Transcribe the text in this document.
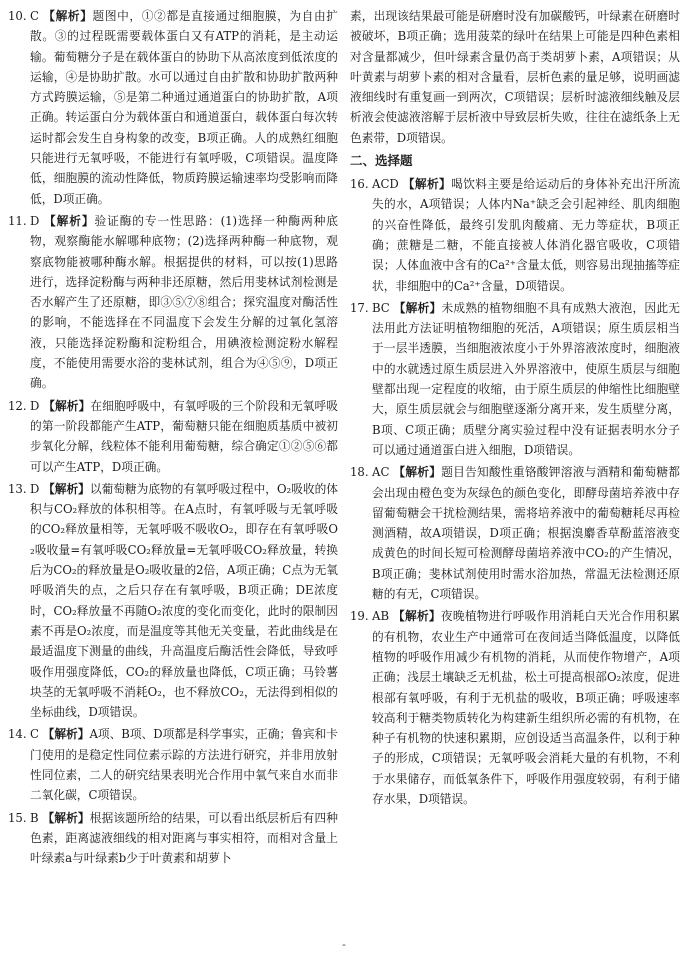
10. C 【解析】题图中，①②都是直接通过细胞膜，为自由扩散。③的过程既需要载体蛋白又有ATP的消耗，是主动运输。葡萄糖分子是在载体蛋白的协助下从高浓度到低浓度的运输，④是协助扩散。水可以通过自由扩散和协助扩散两种方式跨膜运输，⑤是第二种通过通道蛋白的协助扩散，A项正确。转运蛋白分为载体蛋白和通道蛋白，载体蛋白每次转运时都会发生自身构象的改变，B项正确。人的成熟红细胞只能进行无氧呼吸，不能进行有氧呼吸，C项错误。温度降低，细胞膜的流动性降低，物质跨膜运输速率均受影响而降低，D项正确。

11. D 【解析】验证酶的专一性思路：(1)选择一种酶两种底物，观察酶能水解哪种底物；(2)选择两种酶一种底物，观察底物能被哪种酶水解。根据提供的材料，可以按(1)思路进行，选择淀粉酶与两种非还原糖，然后用斐林试剂检测是否水解产生了还原糖，即③⑤⑦⑧组合；探究温度对酶活性的影响，不能选择在不同温度下会发生分解的过氧化氢溶液，只能选择淀粉酶和淀粉组合，用碘液检测淀粉水解程度，不能使用需要水浴的斐林试剂，组合为④⑤⑨，D项正确。

12. D 【解析】在细胞呼吸中，有氧呼吸的三个阶段和无氧呼吸的第一阶段都能产生ATP，葡萄糖只能在细胞质基质中被初步氧化分解，线粒体不能利用葡萄糖，综合确定①②⑤⑥都可以产生ATP，D项正确。

13. D 【解析】以葡萄糖为底物的有氧呼吸过程中，O₂吸收的体积与CO₂释放的体积相等。在A点时，有氧呼吸与无氧呼吸的CO₂释放量相等，无氧呼吸不吸收O₂，即存在有氧呼吸O₂吸收量=有氧呼吸CO₂释放量=无氧呼吸CO₂释放量，转换后为CO₂的释放量是O₂吸收量的2倍，A项正确；C点为无氧呼吸消失的点，之后只存在有氧呼吸，B项正确；DE浓度时，CO₂释放量不再随O₂浓度的变化而变化，此时的限制因素不再是O₂浓度，而是温度等其他无关变量，若此曲线是在最适温度下测量的曲线，升高温度后酶活性会降低，导致呼吸作用强度降低，CO₂的释放量也降低，C项正确；马铃薯块茎的无氧呼吸不消耗O₂，也不释放CO₂，无法得到相似的坐标曲线，D项错误。

14. C 【解析】A项、B项、D项都是科学事实，正确；鲁宾和卡门使用的是稳定性同位素示踪的方法进行研究，并非用放射性同位素，二人的研究结果表明光合作用中氧气来自水而非二氧化碳，C项错误。

15. B 【解析】根据该题所给的结果，可以看出纸层析后有四种色素，距离滤液细线的相对距离与事实相符，而相对含量上叶绿素a与叶绿素b少于叶黄素和胡萝卜

素，出现该结果最可能是研磨时没有加碳酸钙，叶绿素在研磨时被破坏，B项正确；选用菠菜的绿叶在结果上可能是四种色素相对含量都减少，但叶绿素含量仍高于类胡萝卜素，A项错误；从叶黄素与胡萝卜素的相对含量看，层析色素的量足够，说明画滤液细线时有重复画一到两次，C项错误；层析时滤液细线触及层析液会使滤液溶解于层析液中导致层析失败，往往在滤纸条上无色素带，D项错误。

二、选择题

16. ACD 【解析】喝饮料主要是给运动后的身体补充出汗所流失的水，A项错误；人体内Na⁺缺乏会引起神经、肌肉细胞的兴奋性降低，最终引发肌肉酸痛、无力等症状，B项正确；蔗糖是二糖，不能直接被人体消化器官吸收，C项错误；人体血液中含有的Ca²⁺含量太低，则容易出现抽搐等症状，非细胞中的Ca²⁺含量，D项错误。

17. BC 【解析】未成熟的植物细胞不具有成熟大液泡，因此无法用此方法证明植物细胞的死活，A项错误；原生质层相当于一层半透膜，当细胞液浓度小于外界溶液浓度时，细胞液中的水就透过原生质层进入外界溶液中，使原生质层与细胞壁都出现一定程度的收缩，由于原生质层的伸缩性比细胞壁大，原生质层就会与细胞壁逐渐分离开来，发生质壁分离，B项、C项正确；质壁分离实验过程中没有证据表明水分子可以通过通道蛋白进入细胞，D项错误。

18. AC 【解析】题目告知酸性重铬酸钾溶液与酒精和葡萄糖都会出现由橙色变为灰绿色的颜色变化，即酵母菌培养液中存留葡萄糖会干扰检测结果，需将培养液中的葡萄糖耗尽再检测酒精，故A项错误，D项正确；根据溴麝香草酚蓝溶液变成黄色的时间长短可检测酵母菌培养液中CO₂的产生情况，B项正确；斐林试剂使用时需水浴加热，常温无法检测还原糖的有无，C项错误。

19. AB 【解析】夜晚植物进行呼吸作用消耗白天光合作用积累的有机物，农业生产中通常可在夜间适当降低温度，以降低植物的呼吸作用减少有机物的消耗，从而使作物增产，A项正确；浅层土壤缺乏无机盐，松土可提高根部O₂浓度，促进根部有氧呼吸，有利于无机盐的吸收，B项正确；呼吸速率较高利于糖类物质转化为构建新生组织所必需的有机物，在种子有机物的快速积累期，应创设适当高温条件，以利于种子的形成，C项错误；无氧呼吸会消耗大量的有机物，不利于水果储存，而低氧条件下，呼吸作用强度较弱，有利于储存水果，D项错误。

-
